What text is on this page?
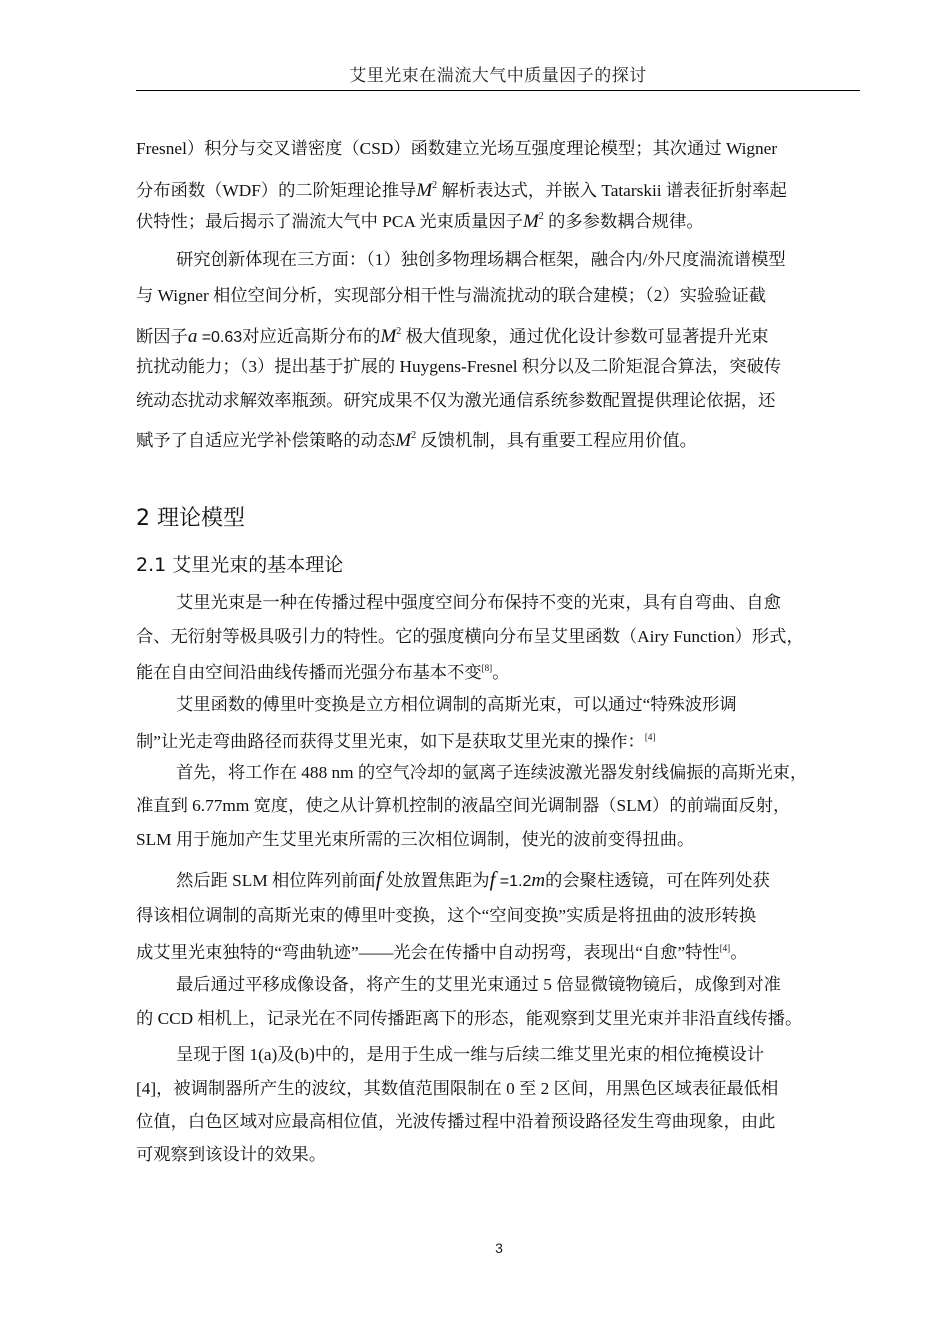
艾里光束在湍流大气中质量因子的探讨
Fresnel）积分与交叉谱密度（CSD）函数建立光场互强度理论模型；其次通过 Wigner
分布函数（WDF）的二阶矩理论推导$M^2$ 解析表达式，并嵌入 Tatarskii 谱表征折射率起
伏特性；最后揭示了湍流大气中 PCA 光束质量因子$M^2$ 的多参数耦合规律。
研究创新体现在三方面：（1）独创多物理场耦合框架，融合内/外尺度湍流谱模型
与 Wigner 相位空间分析，实现部分相干性与湍流扰动的联合建模；（2）实验验证截
断因子a =0.63对应近高斯分布的$M^2$ 极大值现象，通过优化设计参数可显著提升光束
抗扰动能力；（3）提出基于扩展的 Huygens-Fresnel 积分以及二阶矩混合算法，突破传
统动态扰动求解效率瓶颈。研究成果不仅为激光通信系统参数配置提供理论依据，还
赋予了自适应光学补偿策略的动态$M^2$ 反馈机制，具有重要工程应用价值。
2 理论模型
2.1 艾里光束的基本理论
艾里光束是一种在传播过程中强度空间分布保持不变的光束，具有自弯曲、自愈
合、无衍射等极具吸引力的特性。它的强度横向分布呈艾里函数（Airy Function）形式，
能在自由空间沿曲线传播而光强分布基本不变[8]。
艾里函数的傅里叶变换是立方相位调制的高斯光束，可以通过“特殊波形调
制”让光走弯曲路径而获得艾里光束，如下是获取艾里光束的操作：[4]
首先，将工作在 488 nm 的空气冷却的氩离子连续波激光器发射线偏振的高斯光束，
准直到 6.77mm 宽度，使之从计算机控制的液晶空间光调制器（SLM）的前端面反射，
SLM 用于施加产生艾里光束所需的三次相位调制，使光的波前变得扭曲。
然后距 SLM 相位阵列前面f 处放置焦距为f =1.2m的会聚柱透镜，可在阵列处获
得该相位调制的高斯光束的傅里叶变换，这个“空间变换”实质是将扭曲的波形转换
成艾里光束独特的“弯曲轨迹”——光会在传播中自动拐弯，表现出“自愈”特性[4]。
最后通过平移成像设备，将产生的艾里光束通过 5 倍显微镜物镜后，成像到对准
的 CCD 相机上，记录光在不同传播距离下的形态，能观察到艾里光束并非沿直线传播。
呈现于图 1(a)及(b)中的，是用于生成一维与后续二维艾里光束的相位掩模设计
[4]，被调制器所产生的波纹，其数值范围限制在 0 至 2 区间，用黑色区域表征最低相
位值，白色区域对应最高相位值，光波传播过程中沿着预设路径发生弯曲现象，由此
可观察到该设计的效果。
3
